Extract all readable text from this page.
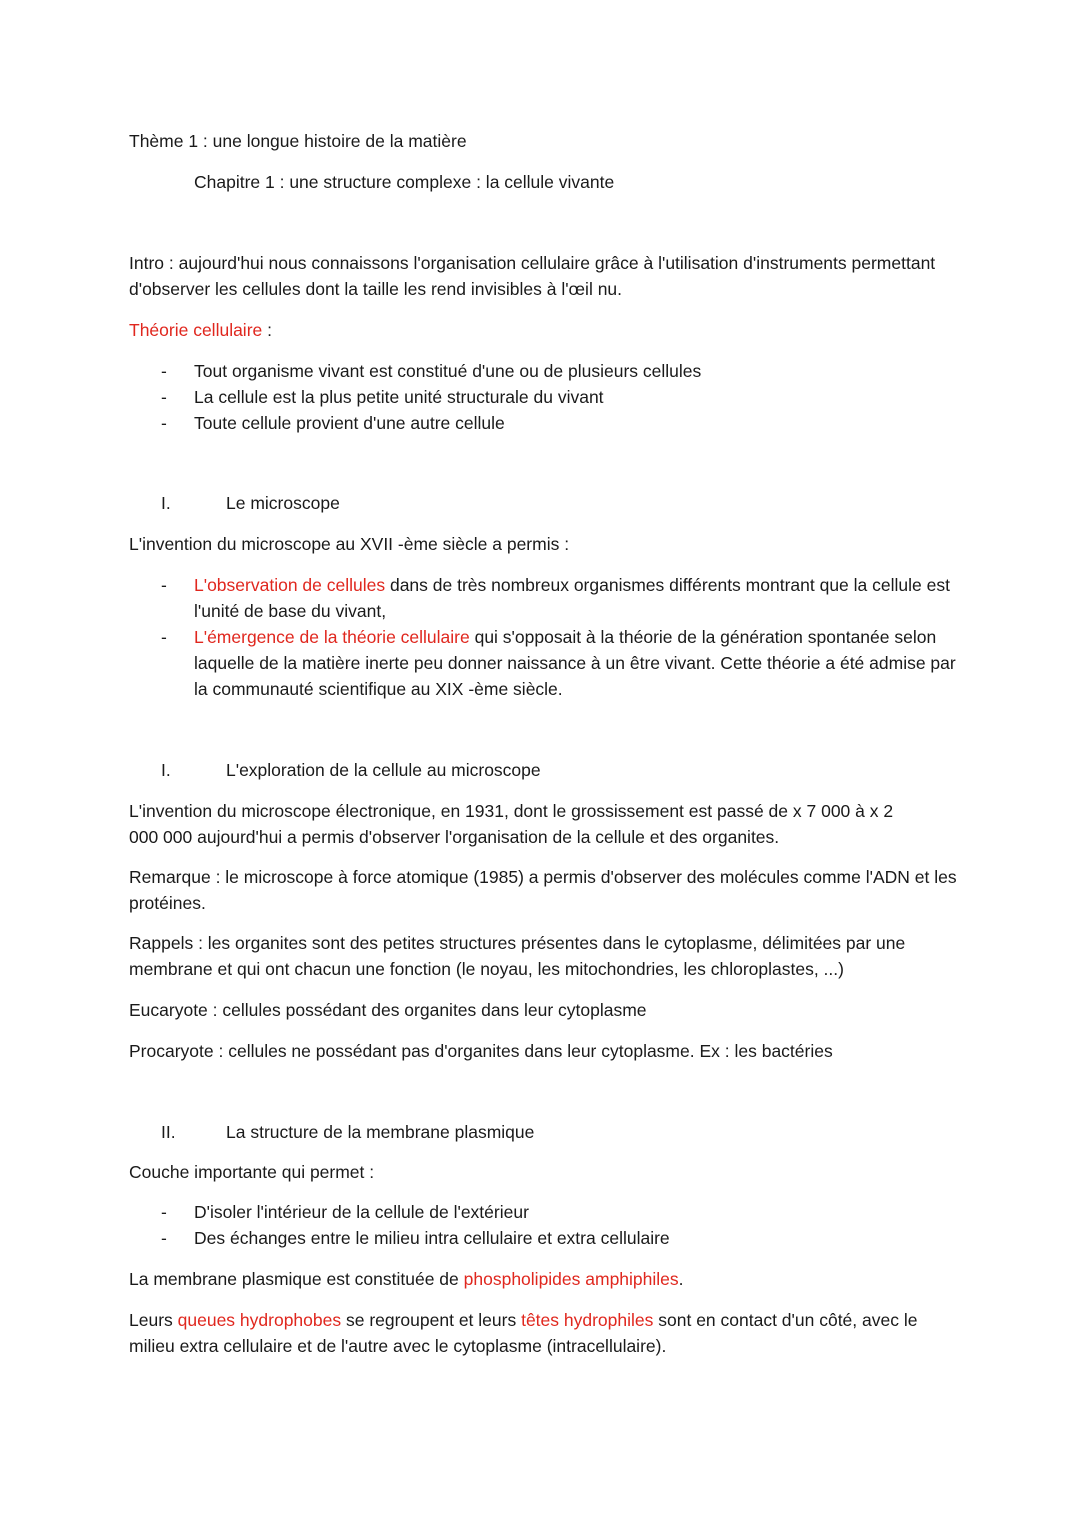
Thème 1 : une longue histoire de la matière
Chapitre 1 : une structure complexe : la cellule vivante

Intro : aujourd'hui nous connaissons l'organisation cellulaire grâce à l'utilisation d'instruments permettant d'observer les cellules dont la taille les rend invisibles à l'œil nu.

Théorie cellulaire :
- Tout organisme vivant est constitué d'une ou de plusieurs cellules
- La cellule est la plus petite unité structurale du vivant
- Toute cellule provient d'une autre cellule
I.	Le microscope
L'invention du microscope au XVII -ème siècle a permis :
- L'observation de cellules dans de très nombreux organismes différents montrant que la cellule est l'unité de base du vivant,
- L'émergence de la théorie cellulaire qui s'opposait à la théorie de la génération spontanée selon laquelle de la matière inerte peu donner naissance à un être vivant. Cette théorie a été admise par la communauté scientifique au XIX -ème siècle.
I.	L'exploration de la cellule au microscope

L'invention du microscope électronique, en 1931, dont le grossissement est passé de x 7 000 à x 2 000 000 aujourd'hui a permis d'observer l'organisation de la cellule et des organites.

Remarque : le microscope à force atomique (1985) a permis d'observer des molécules comme l'ADN et les protéines.

Rappels : les organites sont des petites structures présentes dans le cytoplasme, délimitées par une membrane et qui ont chacun une fonction (le noyau, les mitochondries, les chloroplastes, ...)

Eucaryote : cellules possédant des organites dans leur cytoplasme

Procaryote : cellules ne possédant pas d'organites dans leur cytoplasme. Ex : les bactéries

II.	La structure de la membrane plasmique
Couche importante qui permet :
- D'isoler l'intérieur de la cellule de l'extérieur
- Des échanges entre le milieu intra cellulaire et extra cellulaire

La membrane plasmique est constituée de phospholipides amphiphiles.

Leurs queues hydrophobes se regroupent et leurs têtes hydrophiles sont en contact d'un côté, avec le milieu extra cellulaire et de l'autre avec le cytoplasme (intracellulaire).
